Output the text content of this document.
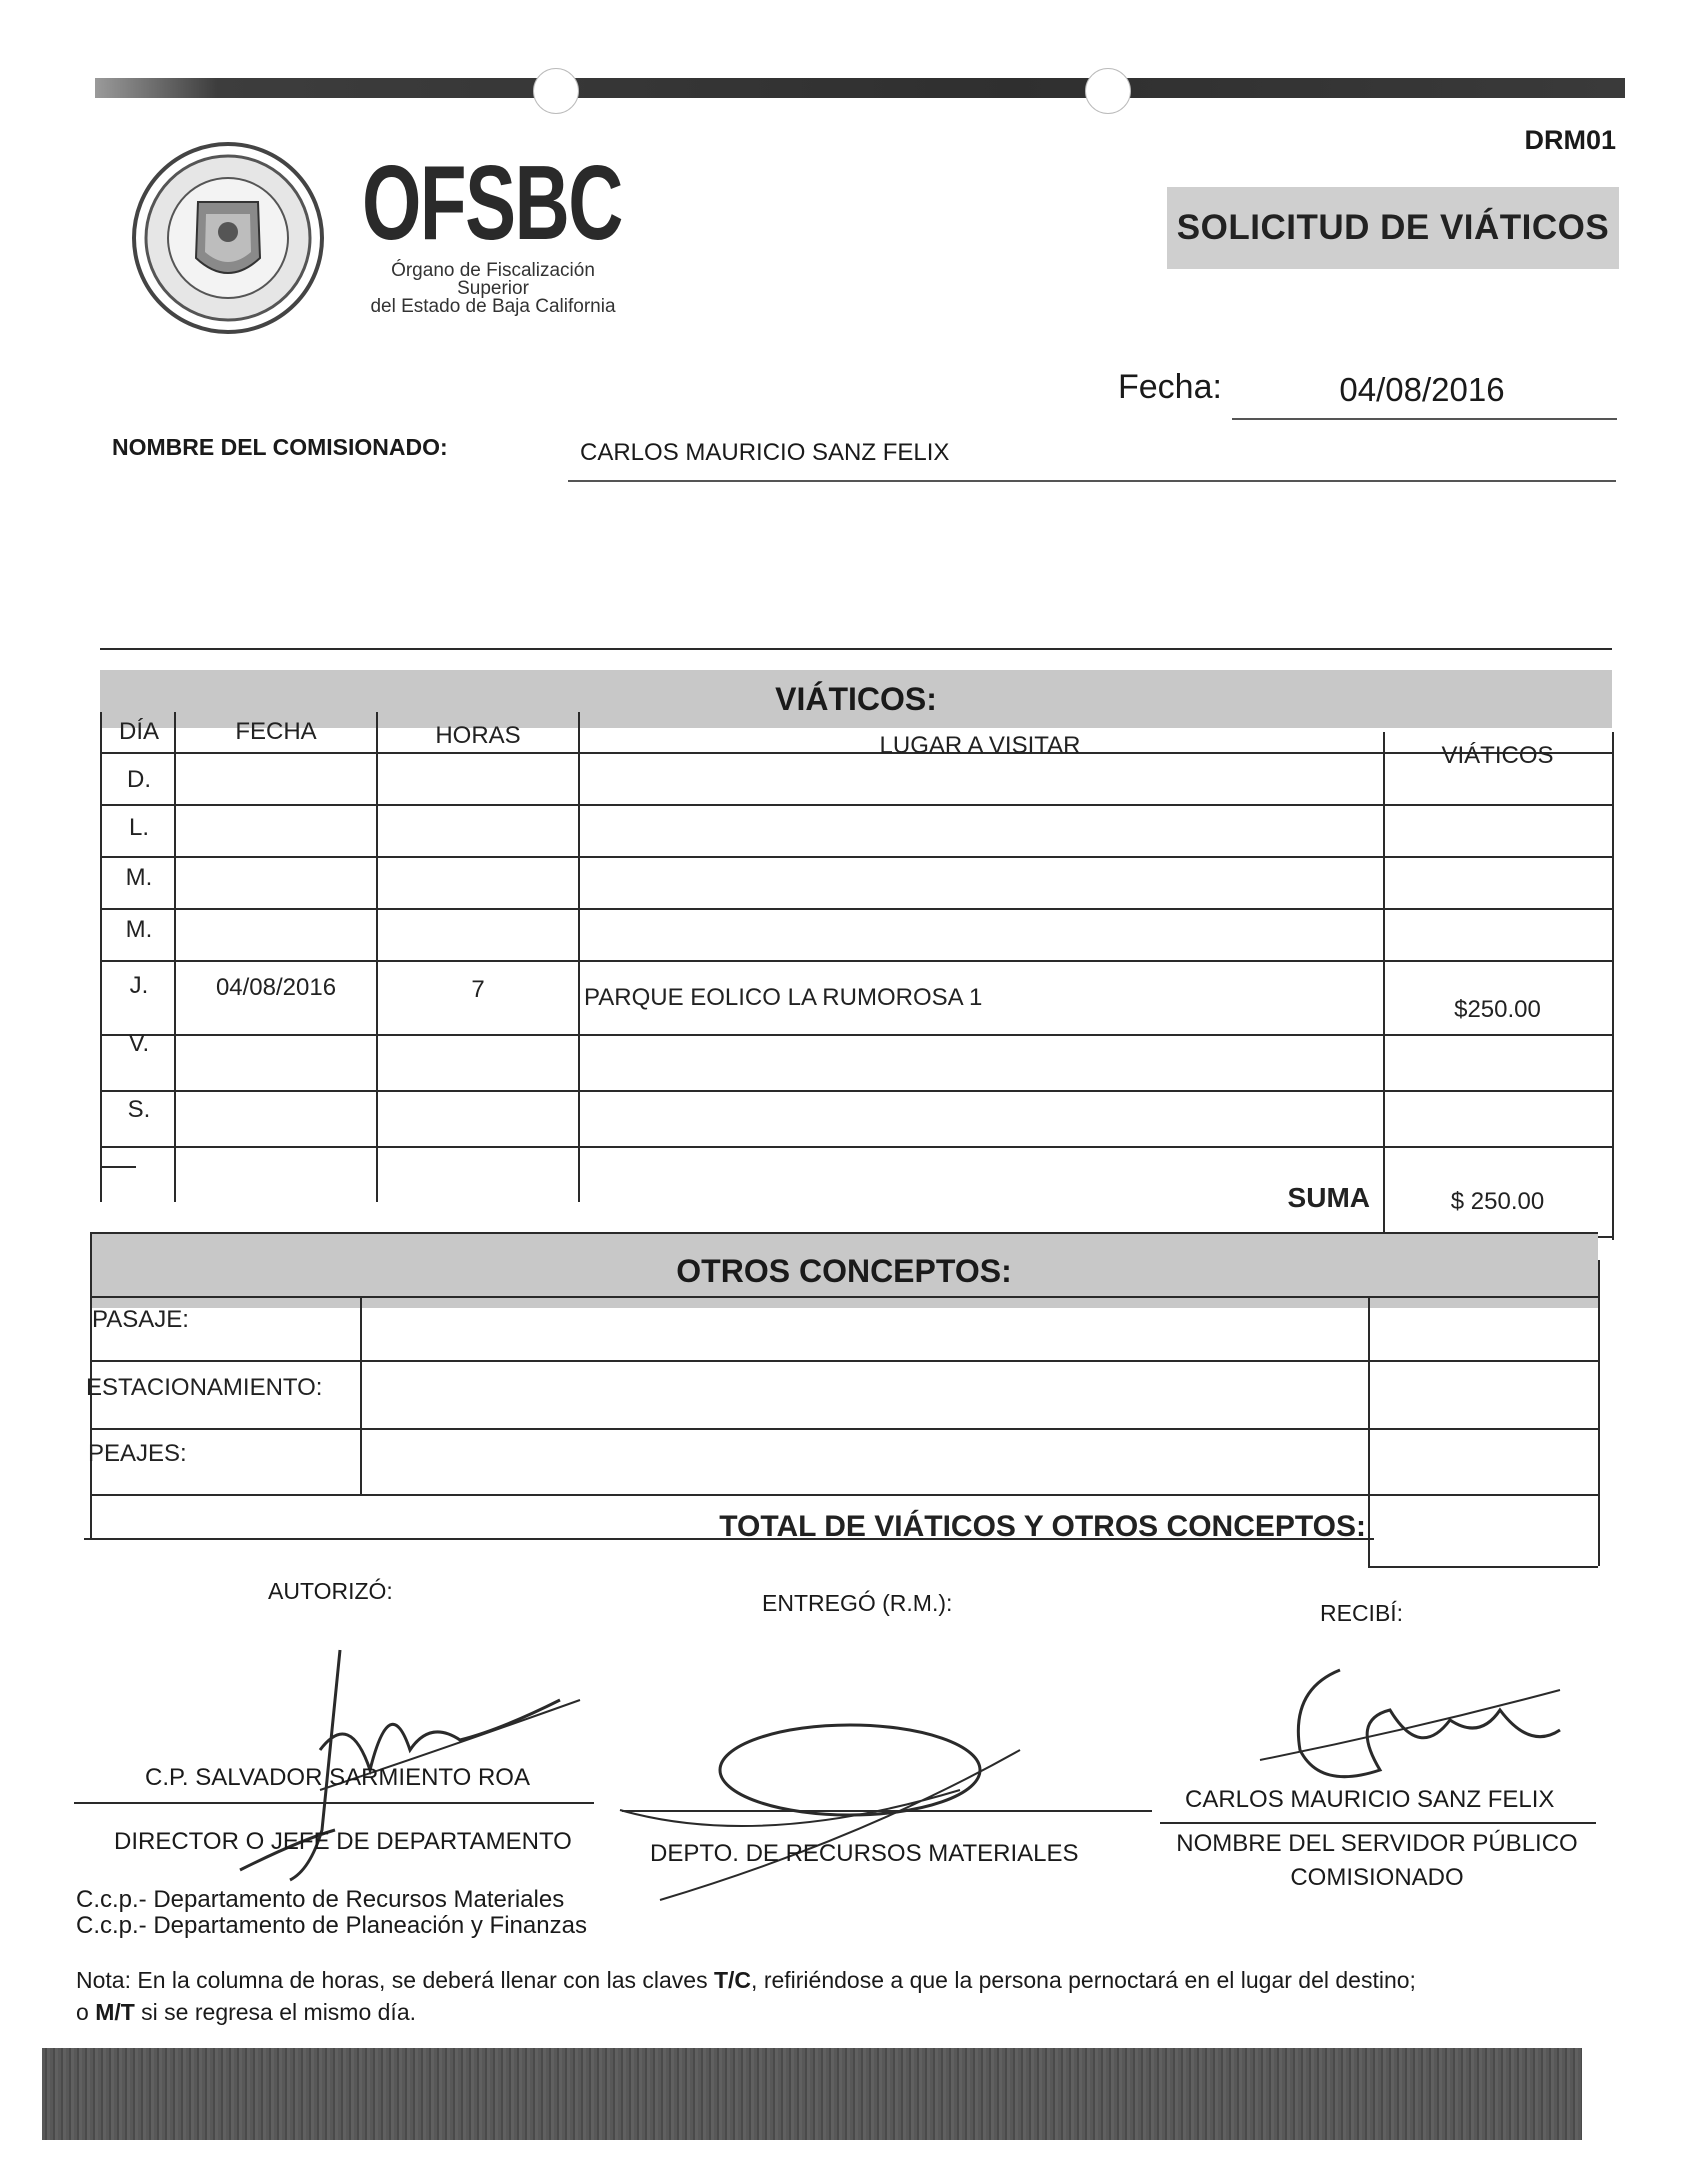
DRM01
SOLICITUD DE VIÁTICOS
OFSBC
Órgano de Fiscalización Superior
del Estado de Baja California
Fecha:	04/08/2016
NOMBRE DEL COMISIONADO:	CARLOS MAURICIO SANZ FELIX
VIÁTICOS:
DÍA	FECHA	HORAS	LUGAR A VISITAR	VIÁTICOS
D.
L.
M.
M.
J.	04/08/2016	7	PARQUE EOLICO LA RUMOROSA 1	$250.00
V.
S.
SUMA	$ 250.00
OTROS CONCEPTOS:
PASAJE:
ESTACIONAMIENTO:
PEAJES:
TOTAL DE VIÁTICOS Y OTROS CONCEPTOS:
AUTORIZÓ:	ENTREGÓ (R.M.):	RECIBÍ:
C.P. SALVADOR SARMIENTO ROA
DIRECTOR O JEFE DE DEPARTAMENTO	DEPTO. DE RECURSOS MATERIALES
CARLOS MAURICIO SANZ FELIX
NOMBRE DEL SERVIDOR PÚBLICO
COMISIONADO
C.c.p.- Departamento de Recursos Materiales
C.c.p.- Departamento de Planeación y Finanzas
Nota: En la columna de horas, se deberá llenar con las claves T/C, refiriéndose a que la persona pernoctará en el lugar del destino;
o M/T si se regresa el mismo día.
